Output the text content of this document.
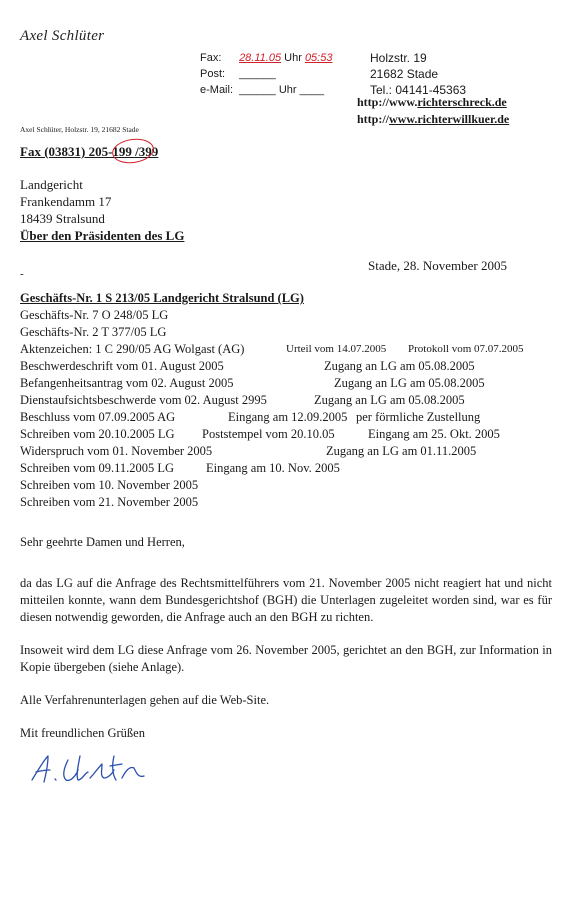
Axel Schlüter
Fax: 28.11.05 Uhr 05:53
Post: ______
e-Mail: ______ Uhr ____
Holzstr. 19
21682 Stade
Tel.: 04141-45363
http://www.richterschreck.de
http://www.richterwillkuer.de
Axel Schlüter, Holzstr. 19, 21682 Stade
Fax (03831) 205-199 /399
Landgericht
Frankendamm 17
18439 Stralsund
Über den Präsidenten des LG
Stade, 28. November 2005
-
Geschäfts-Nr. 1 S 213/05 Landgericht Stralsund (LG)
Geschäfts-Nr. 7 O 248/05 LG
Geschäfts-Nr. 2 T 377/05 LG
Aktenzeichen: 1 C 290/05 AG Wolgast (AG)	Urteil vom 14.07.2005 Protokoll vom 07.07.2005
Beschwerdeschrift vom 01. August 2005	Zugang an LG am 05.08.2005
Befangenheitsantrag vom 02. August 2005	Zugang an LG am 05.08.2005
Dienstaufsichtsbeschwerde vom 02. August 2995	Zugang an LG am 05.08.2005
Beschluss vom 07.09.2005 AG	Eingang am 12.09.2005 per förmliche Zustellung
Schreiben vom 20.10.2005 LG Poststempel vom 20.10.05	Eingang am 25. Okt. 2005
Widerspruch vom 01. November 2005	Zugang an LG am 01.11.2005
Schreiben vom 09.11.2005 LG	Eingang am 10. Nov. 2005
Schreiben vom 10. November 2005
Schreiben vom 21. November 2005

Sehr geehrte Damen und Herren,

da das LG auf die Anfrage des Rechtsmittelführers vom 21. November 2005 nicht reagiert hat und nicht mitteilen konnte, wann dem Bundesgerichtshof (BGH) die Unterlagen zugeleitet worden sind, war es für diesen notwendig geworden, die Anfrage auch an den BGH zu richten.

Insoweit wird dem LG diese Anfrage vom 26. November 2005, gerichtet an den BGH, zur Information in Kopie übergeben (siehe Anlage).

Alle Verfahrenunterlagen gehen auf die Web-Site.

Mit freundlichen Grüßen
